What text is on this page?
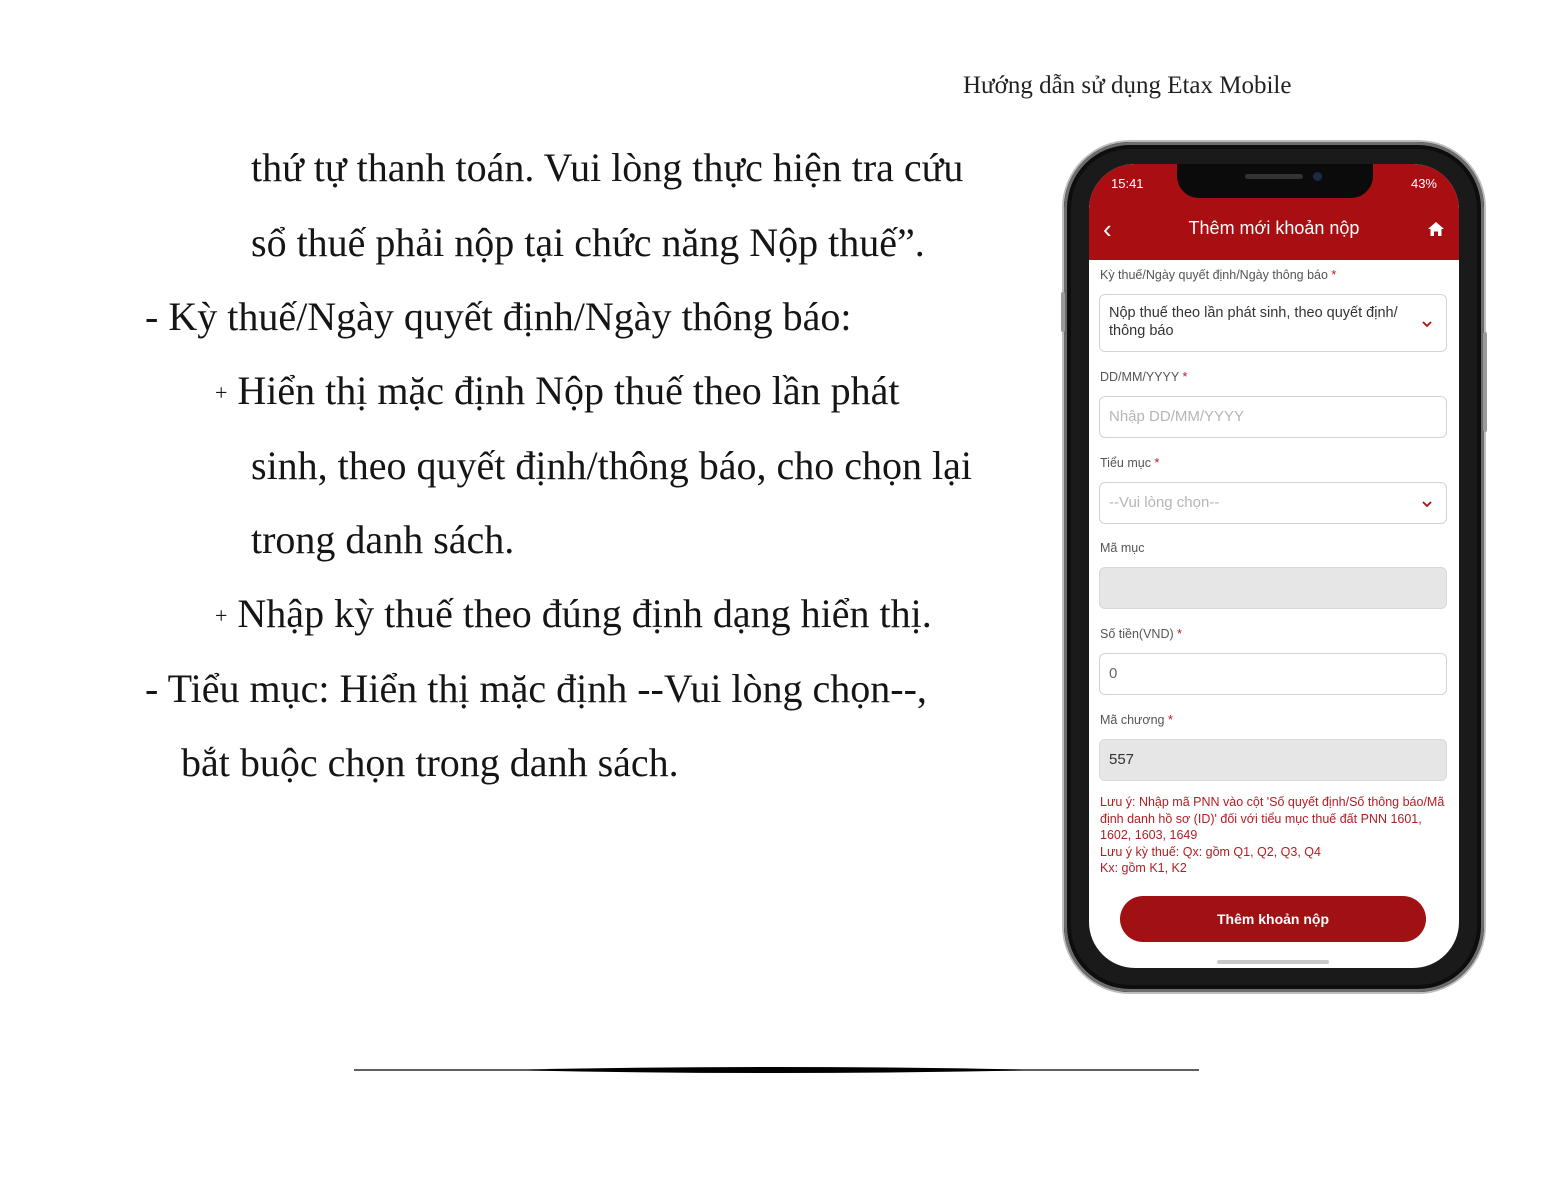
Hướng dẫn sử dụng Etax Mobile
thứ tự thanh toán. Vui lòng thực hiện tra cứu
sổ thuế phải nộp tại chức năng Nộp thuế”.
- Kỳ thuế/Ngày quyết định/Ngày thông báo:
+ Hiển thị mặc định Nộp thuế theo lần phát
sinh, theo quyết định/thông báo, cho chọn lại
trong danh sách.
+ Nhập kỳ thuế theo đúng định dạng hiển thị.
- Tiểu mục: Hiển thị mặc định --Vui lòng chọn--,
bắt buộc chọn trong danh sách.
15:41	43%
‹	Thêm mới khoản nộp
Kỳ thuế/Ngày quyết định/Ngày thông báo *
Nộp thuế theo lần phát sinh, theo quyết định/ thông báo
DD/MM/YYYY *
Nhập DD/MM/YYYY
Tiểu mục *
--Vui lòng chọn--
Mã mục
Số tiền(VND) *
0
Mã chương *
557
Lưu ý: Nhập mã PNN vào cột 'Số quyết định/Số thông báo/Mã định danh hồ sơ (ID)' đối với tiểu mục thuế đất PNN 1601, 1602, 1603, 1649
Lưu ý kỳ thuế: Qx: gồm Q1, Q2, Q3, Q4
Kx: gồm K1, K2
Thêm khoản nộp
